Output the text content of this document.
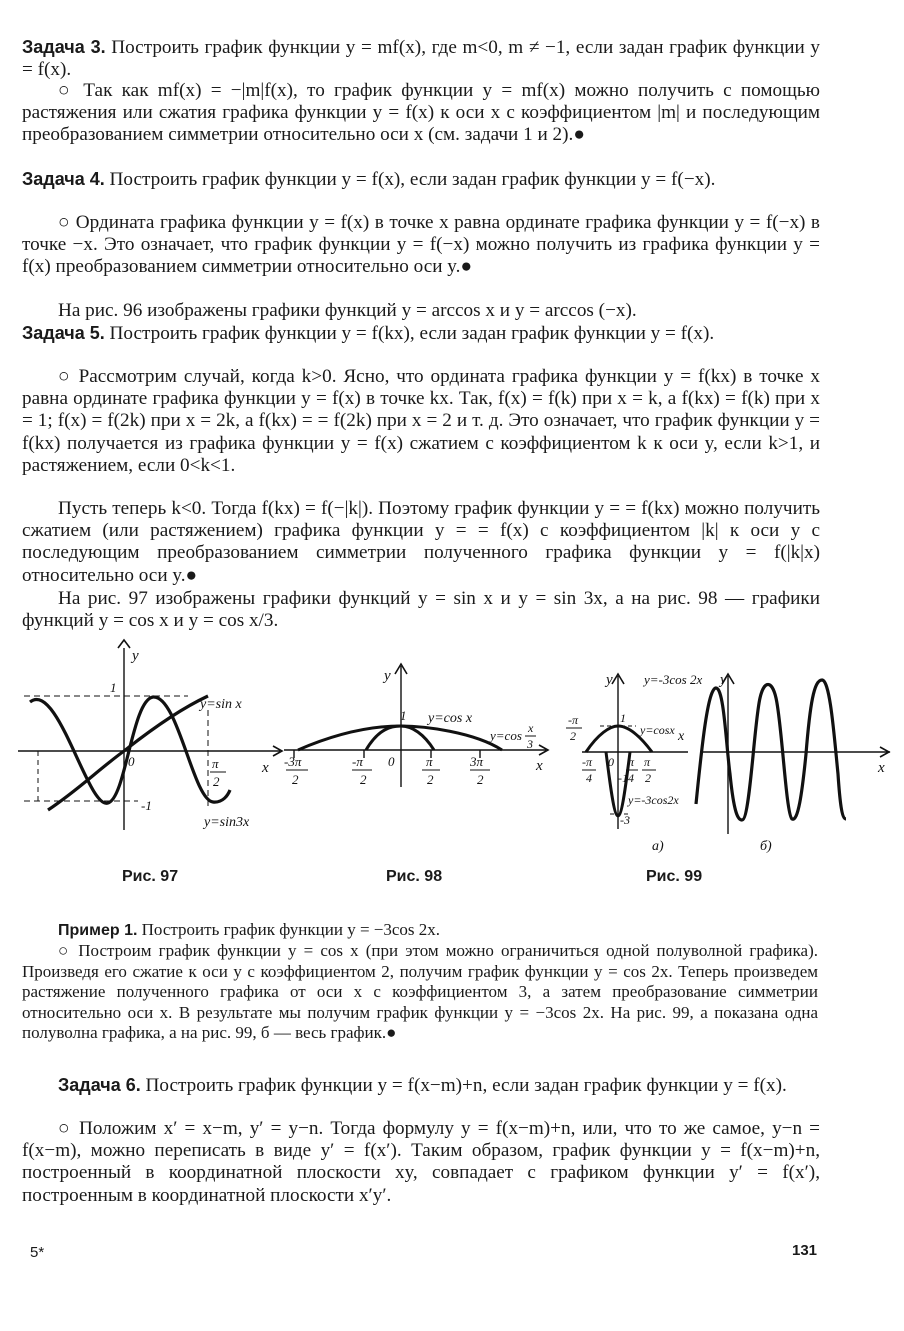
Задача 3. Построить график функции y = mf(x), где m<0, m ≠ −1, если задан график функции y = f(x).
○ Так как mf(x) = −|m|f(x), то график функции y = mf(x) можно получить с помощью растяжения или сжатия графика функции y = f(x) к оси x с коэффициентом |m| и последующим преобразованием симметрии относительно оси x (см. задачи 1 и 2).●
Задача 4. Построить график функции y = f(x), если задан график функции y = f(−x).
○ Ордината графика функции y = f(x) в точке x равна ординате графика функции y = f(−x) в точке −x. Это означает, что график функции y = f(−x) можно получить из графика функции y = f(x) преобразованием симметрии относительно оси y.●
На рис. 96 изображены графики функций y = arccos x и y = arccos (−x).
Задача 5. Построить график функции y = f(kx), если задан график функции y = f(x).
○ Рассмотрим случай, когда k>0. Ясно, что ордината графика функции y = f(kx) в точке x равна ординате графика функции y = f(x) в точке kx. Так, f(x) = f(k) при x = k, а f(kx) = f(k) при x = 1; f(x) = f(2k) при x = 2k, а f(kx) = = f(2k) при x = 2 и т. д. Это означает, что график функции y = f(kx) получается из графика функции y = f(x) сжатием с коэффициентом k к оси y, если k>1, и растяжением, если 0<k<1.
Пусть теперь k<0. Тогда f(kx) = f(−|k|). Поэтому график функции y = = f(kx) можно получить сжатием (или растяжением) графика функции y = = f(x) с коэффициентом |k| к оси y с последующим преобразованием симметрии полученного графика функции y = f(|k|x) относительно оси y.●
На рис. 97 изображены графики функций y = sin x и y = sin 3x, а на рис. 98 — графики функций y = cos x и y = cos x/3.
y
x
1
0
-1
π
2
y=sin x
y=sin3x
y
x
1
0
y=cos x
y=cos x
3
-3π
2
-π
2
π
2
3π
2
y	y
x
x
y=-3cos 2x
y=cosx
y=-3cos2x
1
0
-1
-3
-π
2
-π
4
π
4
π
2
а)	б)
Рис. 97	Рис. 98	Рис. 99
Пример 1. Построить график функции y = −3cos 2x.
○ Построим график функции y = cos x (при этом можно ограничиться одной полуволной графика). Произведя его сжатие к оси y с коэффициентом 2, получим график функции y = cos 2x. Теперь произведем растяжение полученного графика от оси x с коэффициентом 3, а затем преобразование симметрии относительно оси x. В результате мы получим график функции y = −3cos 2x. На рис. 99, а показана одна полуволна графика, а на рис. 99, б — весь график.●
Задача 6. Построить график функции y = f(x−m)+n, если задан график функции y = f(x).
○ Положим x′ = x−m, y′ = y−n. Тогда формулу y = f(x−m)+n, или, что то же самое, y−n = f(x−m), можно переписать в виде y′ = f(x′). Таким образом, график функции y = f(x−m)+n, построенный в координатной плоскости xy, совпадает с графиком функции y′ = f(x′), построенным в координатной плоскости x′y′.
5*	131
